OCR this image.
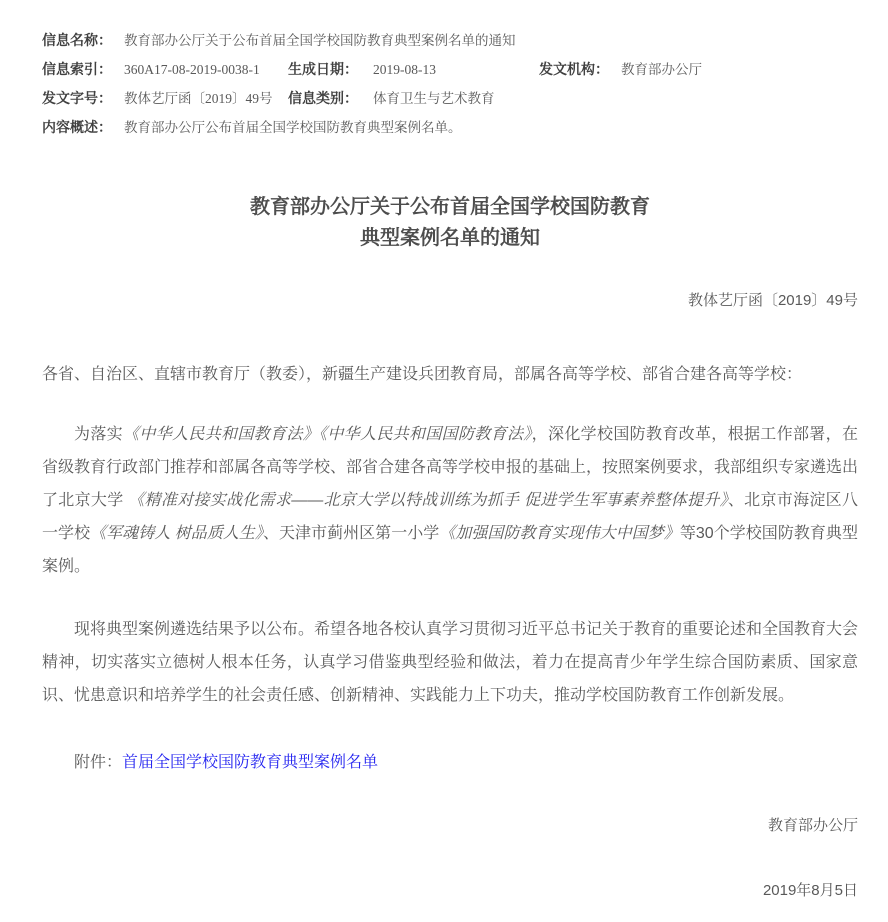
信息名称： 教育部办公厅关于公布首届全国学校国防教育典型案例名单的通知
信息索引： 360A17-08-2019-0038-1	生成日期：	2019-08-13	发文机构： 教育部办公厅
发文字号： 教体艺厅函〔2019〕49号	信息类别：	体育卫生与艺术教育
内容概述： 教育部办公厅公布首届全国学校国防教育典型案例名单。
教育部办公厅关于公布首届全国学校国防教育
典型案例名单的通知
教体艺厅函〔2019〕49号
各省、自治区、直辖市教育厅（教委），新疆生产建设兵团教育局，部属各高等学校、部省合建各高等学校：

为落实《中华人民共和国教育法》《中华人民共和国国防教育法》，深化学校国防教育改革，根据工作部署，在省级教育行政部门推荐和部属各高等学校、部省合建各高等学校申报的基础上，按照案例要求，我部组织专家遴选出了北京大学 《精准对接实战化需求——北京大学以特战训练为抓手 促进学生军事素养整体提升》、北京市海淀区八一学校《军魂铸人 树品质人生》、天津市蓟州区第一小学《加强国防教育实现伟大中国梦》等30个学校国防教育典型案例。

现将典型案例遴选结果予以公布。希望各地各校认真学习贯彻习近平总书记关于教育的重要论述和全国教育大会精神，切实落实立德树人根本任务，认真学习借鉴典型经验和做法，着力在提高青少年学生综合国防素质、国家意识、忧患意识和培养学生的社会责任感、创新精神、实践能力上下功夫，推动学校国防教育工作创新发展。

附件：首届全国学校国防教育典型案例名单
教育部办公厅
2019年8月5日
